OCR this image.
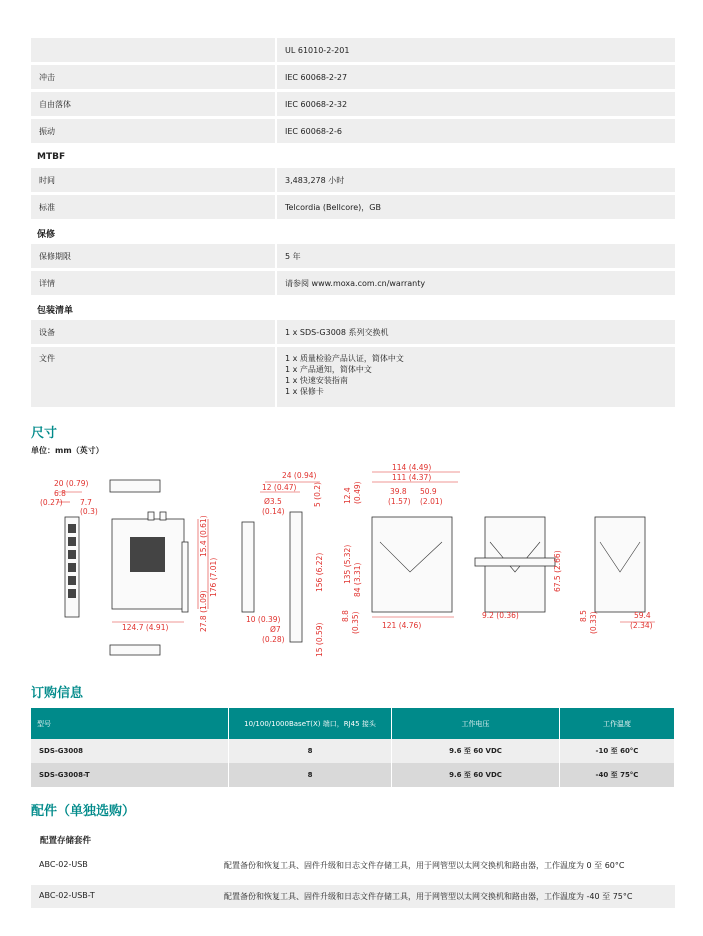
UL 61010-2-201
冲击	IEC 60068-2-27
自由落体	IEC 60068-2-32
振动	IEC 60068-2-6
MTBF
时间	3,483,278 小时
标准	Telcordia (Bellcore)，GB
保修
保修期限	5 年
详情	请参阅 www.moxa.com.cn/warranty
包装清单
设备	1 x SDS-G3008 系列交换机
文件	1 x 质量检验产品认证，简体中文
1 x 产品通知，简体中文
1 x 快速安装指南
1 x 保修卡
尺寸
单位：mm（英寸）
20 (0.79)
6.8
(0.27) 7.7
(0.3)
124.7 (4.91)
15.4 (0.61)
176 (7.01)
27.8 (1.09)
24 (0.94)
12 (0.47)
Ø3.5
(0.14)
5 (0.2)
156 (6.22)
10 (0.39)
Ø7
(0.28)	15 (0.59)
114 (4.49)
111 (4.37)
39.8 50.9
(1.57) (2.01)
12.4 (0.49)
135 (5.32) 84 (3.31)
8.8 (0.35)	121 (4.76)
9.2 (0.36)
67.5 (2.66)
8.5 (0.33)	59.4
(2.34)
订购信息
型号	10/100/1000BaseT(X) 端口，RJ45 接头	工作电压	工作温度
SDS-G3008	8	9.6 至 60 VDC	-10 至 60°C
SDS-G3008-T	8	9.6 至 60 VDC	-40 至 75°C
配件（单独选购）
配置存储套件
ABC-02-USB	配置备份和恢复工具、固件升级和日志文件存储工具，用于网管型以太网交换机和路由器，工作温度为 0 至 60°C
ABC-02-USB-T	配置备份和恢复工具、固件升级和日志文件存储工具，用于网管型以太网交换机和路由器，工作温度为 -40 至 75°C
